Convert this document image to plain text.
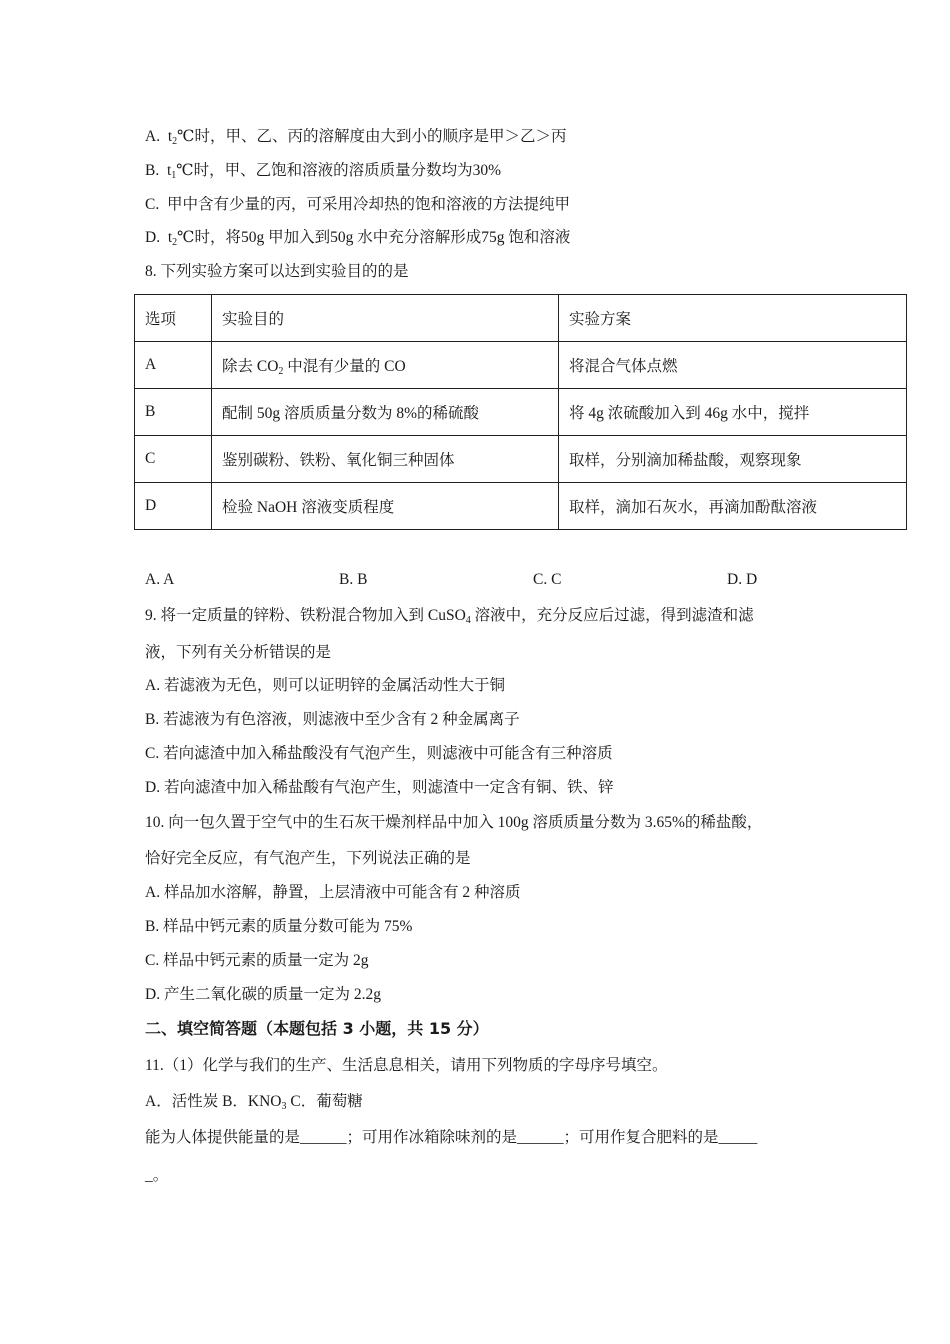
A. $t_2℃$时，甲、乙、丙的溶解度由大到小的顺序是甲＞乙＞丙
B. $t_1℃$时，甲、乙饱和溶液的溶质质量分数均为30%
C. 甲中含有少量的丙，可采用冷却热的饱和溶液的方法提纯甲
D. $t_2℃$时，将50g 甲加入到50g 水中充分溶解形成75g 饱和溶液
8. 下列实验方案可以达到实验目的的是
选项	实验目的	实验方案
A	除去 $CO_2$ 中混有少量的 CO	将混合气体点燃
B	配制 50g 溶质质量分数为 8%的稀硫酸	将 4g 浓硫酸加入到 46g 水中，搅拌
C	鉴别碳粉、铁粉、氧化铜三种固体	取样，分别滴加稀盐酸，观察现象
D	检验 NaOH 溶液变质程度	取样，滴加石灰水，再滴加酚酞溶液
A. A	B. B	C. C	D. D
9. 将一定质量的锌粉、铁粉混合物加入到 CuSO$_4$ 溶液中，充分反应后过滤，得到滤渣和滤
液，下列有关分析错误的是
A. 若滤液为无色，则可以证明锌的金属活动性大于铜
B. 若滤液为有色溶液，则滤液中至少含有 2 种金属离子
C. 若向滤渣中加入稀盐酸没有气泡产生，则滤液中可能含有三种溶质
D. 若向滤渣中加入稀盐酸有气泡产生，则滤渣中一定含有铜、铁、锌
10. 向一包久置于空气中的生石灰干燥剂样品中加入 100g 溶质质量分数为 3.65%的稀盐酸，
恰好完全反应，有气泡产生，下列说法正确的是
A. 样品加水溶解，静置，上层清液中可能含有 2 种溶质
B. 样品中钙元素的质量分数可能为 75%
C. 样品中钙元素的质量一定为 2g
D. 产生二氧化碳的质量一定为 2.2g
二、填空简答题（本题包括 3 小题，共 15 分）
11.（1）化学与我们的生产、生活息息相关，请用下列物质的字母序号填空。
A．活性炭 B．$KNO_3$ C．葡萄糖
能为人体提供能量的是______；可用作冰箱除味剂的是______；可用作复合肥料的是_____
_。
